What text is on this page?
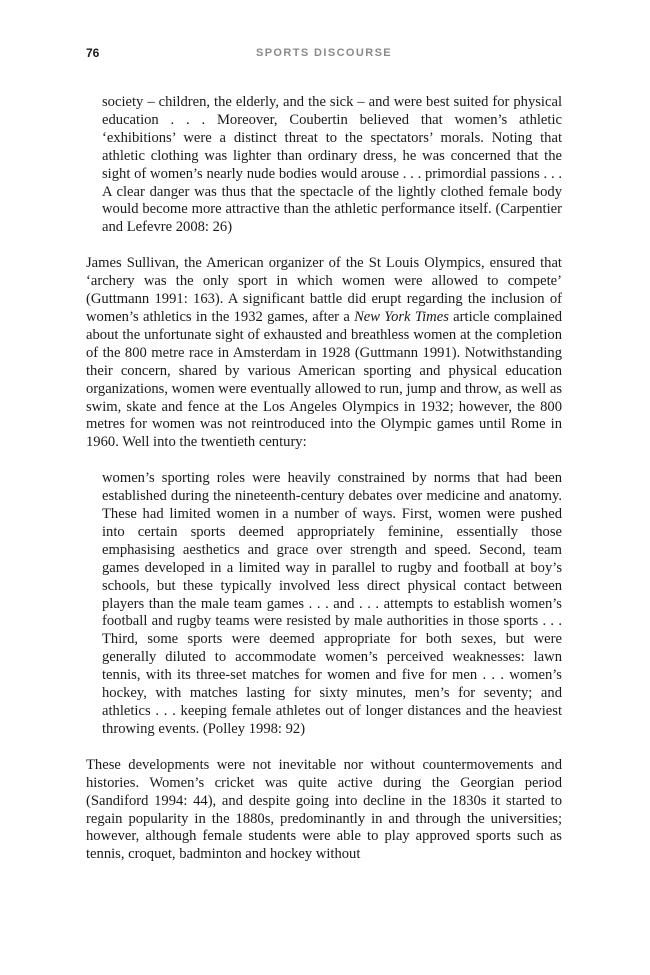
76	SPORTS DISCOURSE

society – children, the elderly, and the sick – and were best suited for physical education . . . Moreover, Coubertin believed that women’s athletic ‘exhibitions’ were a distinct threat to the spectators’ morals. Noting that athletic clothing was lighter than ordinary dress, he was concerned that the sight of women’s nearly nude bodies would arouse . . . primordial passions . . . A clear danger was thus that the spectacle of the lightly clothed female body would become more attractive than the athletic performance itself. (Carpentier and Lefevre 2008: 26)

James Sullivan, the American organizer of the St Louis Olympics, ensured that ‘archery was the only sport in which women were allowed to compete’ (Guttmann 1991: 163). A significant battle did erupt regarding the inclusion of women’s athletics in the 1932 games, after a New York Times article complained about the unfortunate sight of exhausted and breathless women at the completion of the 800 metre race in Amsterdam in 1928 (Guttmann 1991). Notwithstanding their concern, shared by various American sporting and physical education organizations, women were eventually allowed to run, jump and throw, as well as swim, skate and fence at the Los Angeles Olympics in 1932; however, the 800 metres for women was not reintroduced into the Olympic games until Rome in 1960. Well into the twentieth century:

women’s sporting roles were heavily constrained by norms that had been established during the nineteenth-century debates over medicine and anatomy. These had limited women in a number of ways. First, women were pushed into certain sports deemed appropriately feminine, essentially those emphasising aesthetics and grace over strength and speed. Second, team games developed in a limited way in parallel to rugby and football at boy’s schools, but these typically involved less direct physical contact between players than the male team games . . . and . . . attempts to establish women’s football and rugby teams were resisted by male authorities in those sports . . . Third, some sports were deemed appropriate for both sexes, but were generally diluted to accommodate women’s perceived weaknesses: lawn tennis, with its three-set matches for women and five for men . . . women’s hockey, with matches lasting for sixty minutes, men’s for seventy; and athletics . . . keeping female athletes out of longer distances and the heaviest throwing events. (Polley 1998: 92)

These developments were not inevitable nor without countermovements and histories. Women’s cricket was quite active during the Georgian period (Sandiford 1994: 44), and despite going into decline in the 1830s it started to regain popularity in the 1880s, predominantly in and through the universities; however, although female students were able to play approved sports such as tennis, croquet, badminton and hockey without
